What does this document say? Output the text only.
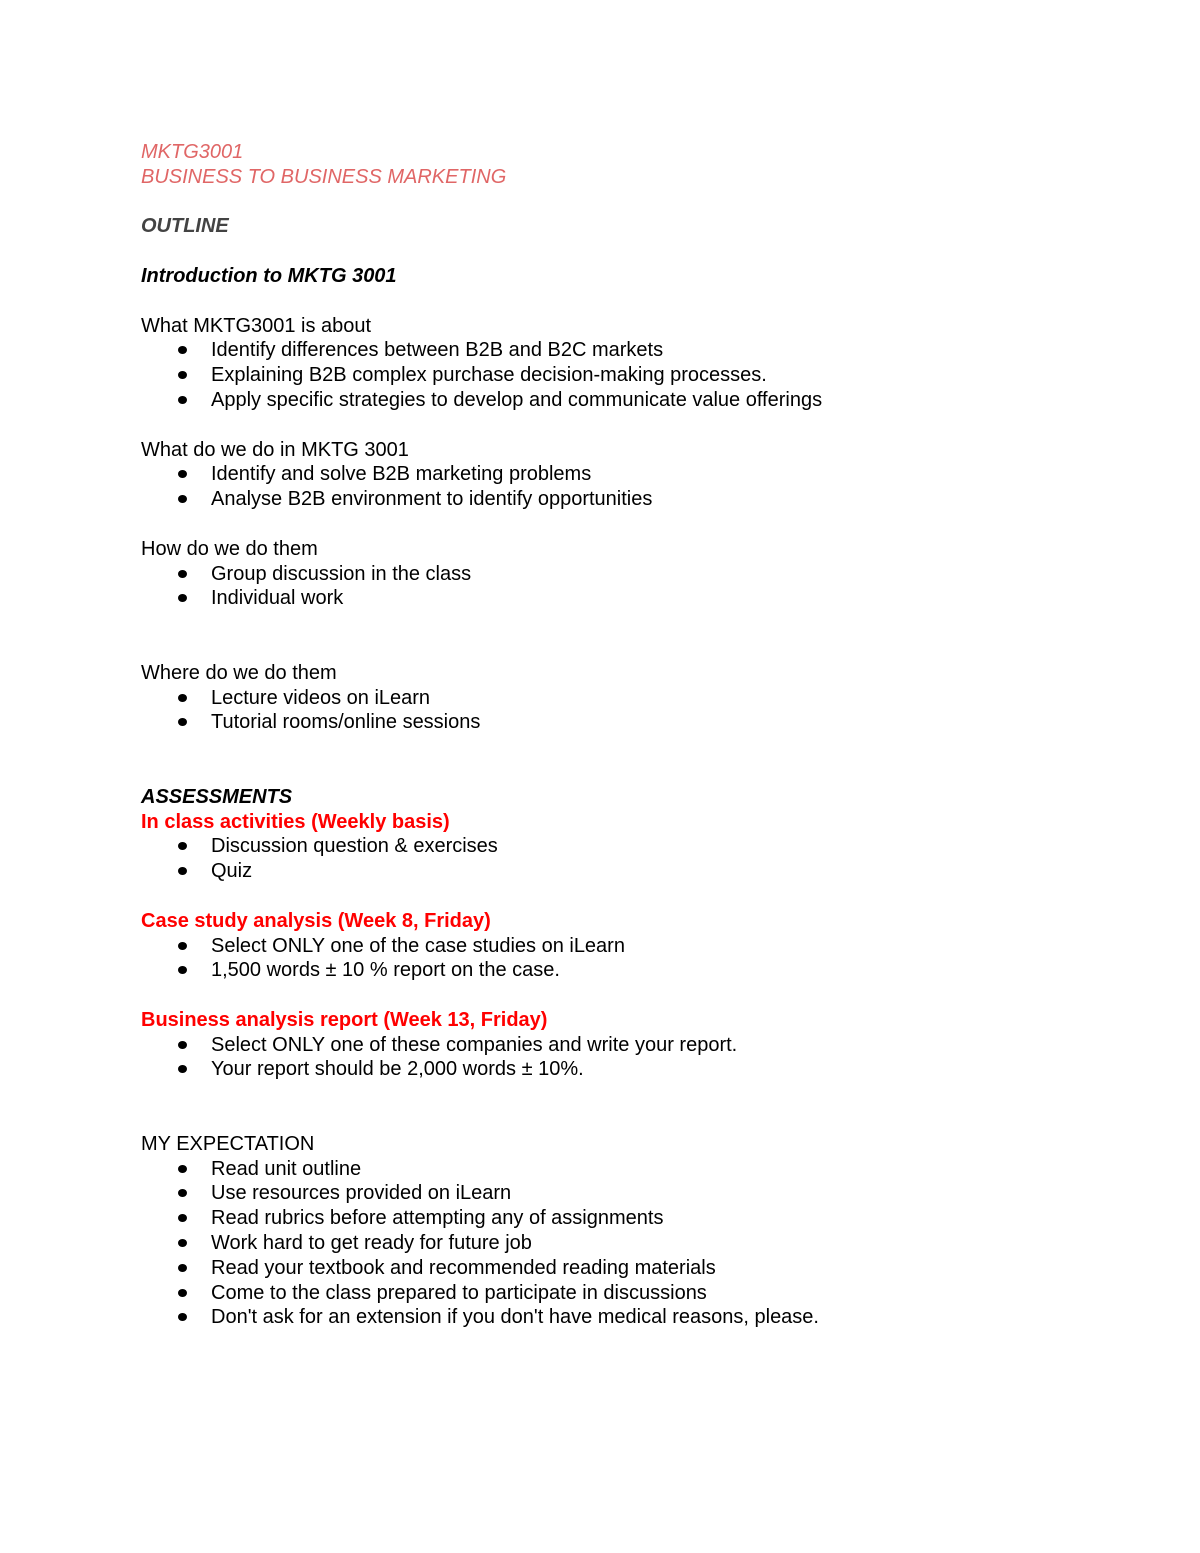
MKTG3001
BUSINESS TO BUSINESS MARKETING
OUTLINE
Introduction to MKTG 3001
What MKTG3001 is about
Identify differences between B2B and B2C markets
Explaining B2B complex purchase decision-making processes.
Apply specific strategies to develop and communicate value offerings
What do we do in MKTG 3001
Identify and solve B2B marketing problems
Analyse B2B environment to identify opportunities
How do we do them
Group discussion in the class
Individual work
Where do we do them
Lecture videos on iLearn
Tutorial rooms/online sessions
ASSESSMENTS
In class activities (Weekly basis)
Discussion question & exercises
Quiz
Case study analysis (Week 8, Friday)
Select ONLY one of the case studies on iLearn
1,500 words ± 10 % report on the case.
Business analysis report (Week 13, Friday)
Select ONLY one of these companies and write your report.
Your report should be 2,000 words ± 10%.
MY EXPECTATION
Read unit outline
Use resources provided on iLearn
Read rubrics before attempting any of assignments
Work hard to get ready for future job
Read your textbook and recommended reading materials
Come to the class prepared to participate in discussions
Don't ask for an extension if you don't have medical reasons, please.
